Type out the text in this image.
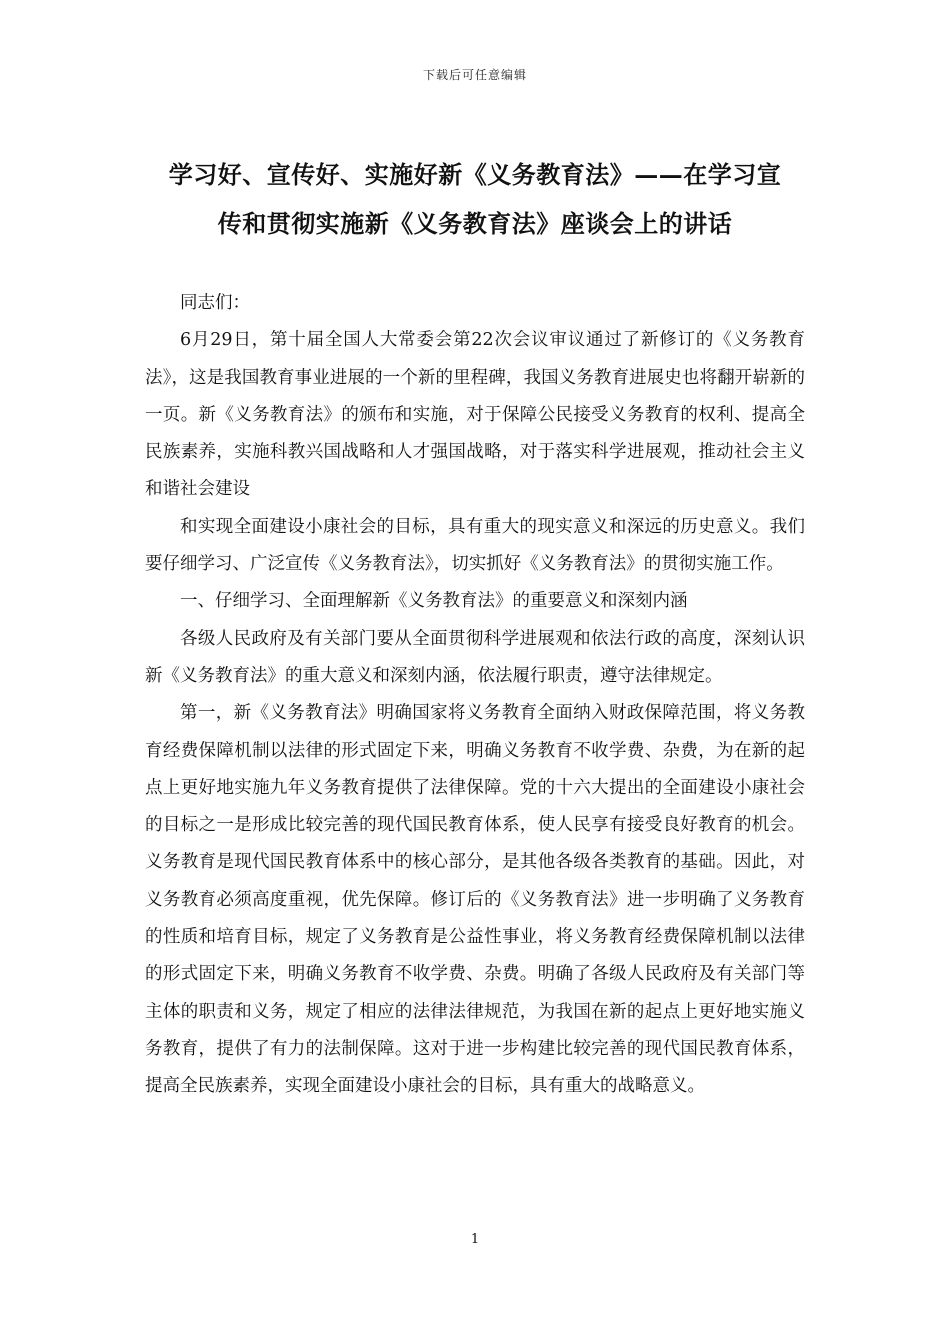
下载后可任意编辑
学习好、宣传好、实施好新《义务教育法》——在学习宣
传和贯彻实施新《义务教育法》座谈会上的讲话

同志们：

6月29日，第十届全国人大常委会第22次会议审议通过了新修订的《义务教育法》，这是我国教育事业进展的一个新的里程碑，我国义务教育进展史也将翻开崭新的一页。新《义务教育法》的颁布和实施，对于保障公民接受义务教育的权利、提高全民族素养，实施科教兴国战略和人才强国战略，对于落实科学进展观，推动社会主义和谐社会建设

和实现全面建设小康社会的目标，具有重大的现实意义和深远的历史意义。我们要仔细学习、广泛宣传《义务教育法》，切实抓好《义务教育法》的贯彻实施工作。

一、仔细学习、全面理解新《义务教育法》的重要意义和深刻内涵

各级人民政府及有关部门要从全面贯彻科学进展观和依法行政的高度，深刻认识新《义务教育法》的重大意义和深刻内涵，依法履行职责，遵守法律规定。

第一，新《义务教育法》明确国家将义务教育全面纳入财政保障范围，将义务教育经费保障机制以法律的形式固定下来，明确义务教育不收学费、杂费，为在新的起点上更好地实施九年义务教育提供了法律保障。党的十六大提出的全面建设小康社会的目标之一是形成比较完善的现代国民教育体系，使人民享有接受良好教育的机会。义务教育是现代国民教育体系中的核心部分，是其他各级各类教育的基础。因此，对义务教育必须高度重视，优先保障。修订后的《义务教育法》进一步明确了义务教育的性质和培育目标，规定了义务教育是公益性事业，将义务教育经费保障机制以法律的形式固定下来，明确义务教育不收学费、杂费。明确了各级人民政府及有关部门等主体的职责和义务，规定了相应的法律法律规范，为我国在新的起点上更好地实施义务教育，提供了有力的法制保障。这对于进一步构建比较完善的现代国民教育体系，提高全民族素养，实现全面建设小康社会的目标，具有重大的战略意义。

1
